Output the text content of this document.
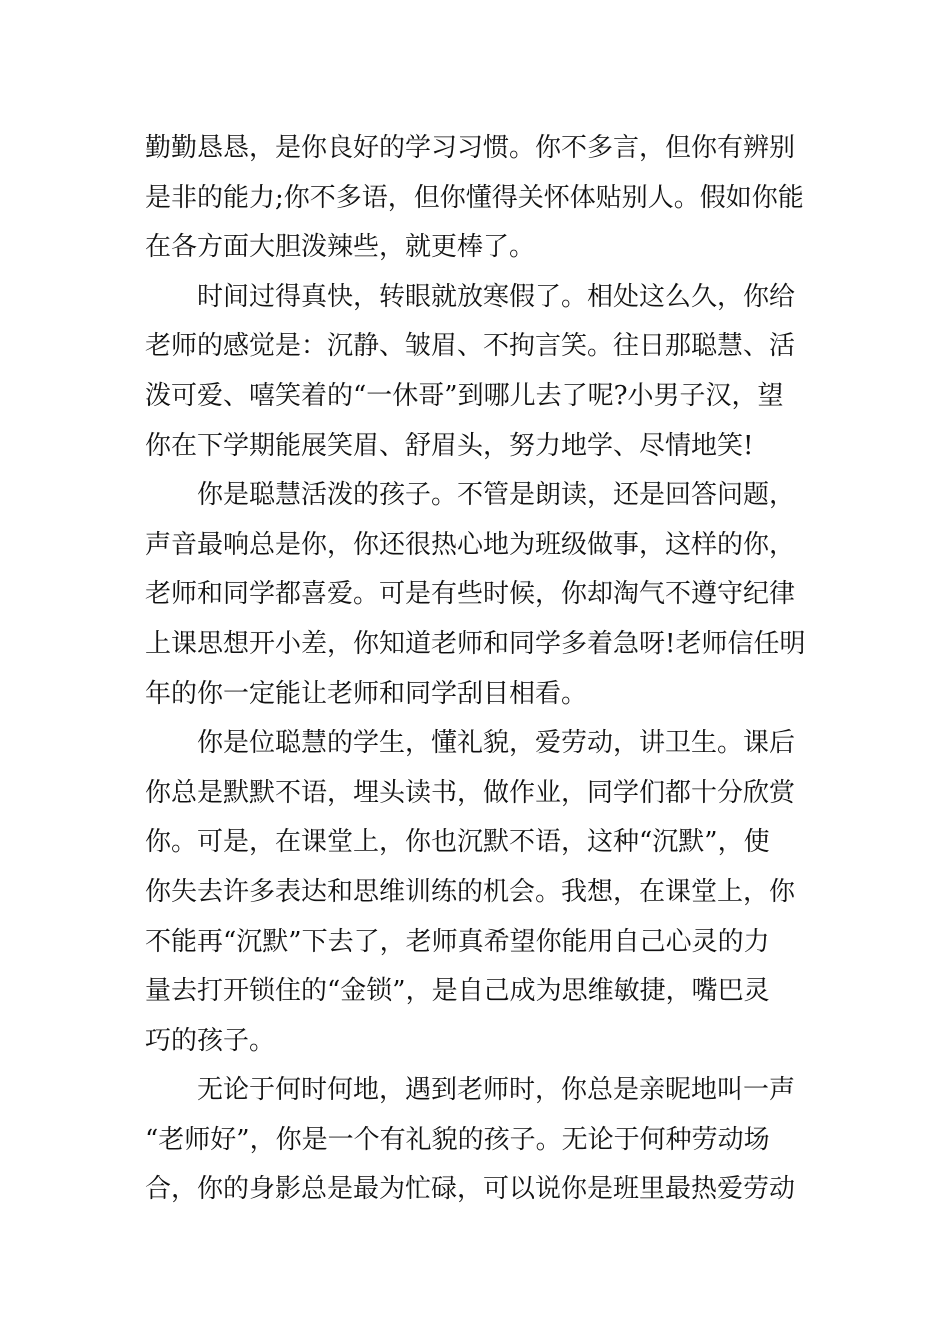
勤勤恳恳，是你良好的学习习惯。你不多言，但你有辨别
是非的能力;你不多语，但你懂得关怀体贴别人。假如你能
在各方面大胆泼辣些，就更棒了。
时间过得真快，转眼就放寒假了。相处这么久，你给
老师的感觉是：沉静、皱眉、不拘言笑。往日那聪慧、活
泼可爱、嘻笑着的“一休哥”到哪儿去了呢?小男子汉，望
你在下学期能展笑眉、舒眉头，努力地学、尽情地笑!
你是聪慧活泼的孩子。不管是朗读，还是回答问题，
声音最响总是你，你还很热心地为班级做事，这样的你，
老师和同学都喜爱。可是有些时候，你却淘气不遵守纪律
上课思想开小差，你知道老师和同学多着急呀!老师信任明
年的你一定能让老师和同学刮目相看。
你是位聪慧的学生，懂礼貌，爱劳动，讲卫生。课后
你总是默默不语，埋头读书，做作业，同学们都十分欣赏
你。可是，在课堂上，你也沉默不语，这种“沉默”，使
你失去许多表达和思维训练的机会。我想，在课堂上，你
不能再“沉默”下去了，老师真希望你能用自己心灵的力
量去打开锁住的“金锁”，是自己成为思维敏捷，嘴巴灵
巧的孩子。
无论于何时何地，遇到老师时，你总是亲昵地叫一声
“老师好”，你是一个有礼貌的孩子。无论于何种劳动场
合，你的身影总是最为忙碌，可以说你是班里最热爱劳动
